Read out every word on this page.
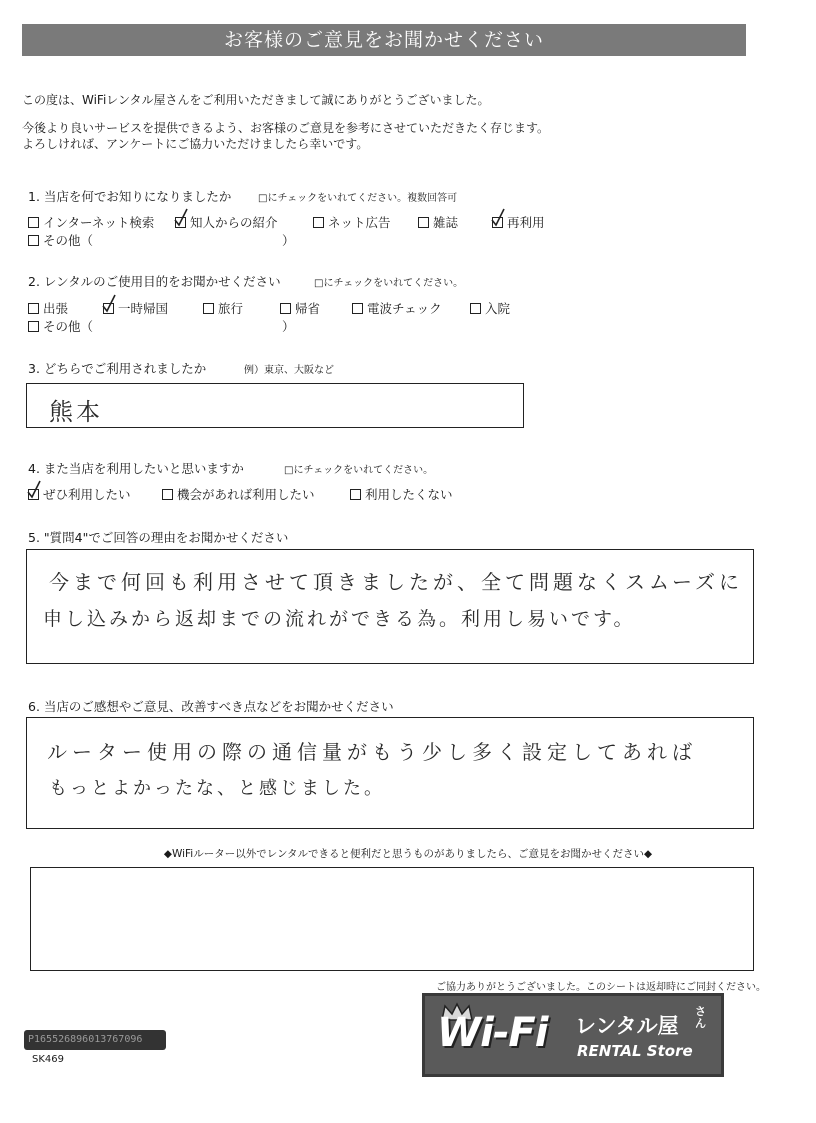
お客様のご意見をお聞かせください
この度は、WiFiレンタル屋さんをご利用いただきまして誠にありがとうございました。
今後より良いサービスを提供できるよう、お客様のご意見を参考にさせていただきたく存じます。
よろしければ、アンケートにご協力いただけましたら幸いです。
1. 当店を何でお知りになりましたか	□にチェックをいれてください。複数回答可
インターネット検索	知人からの紹介	ネット広告	雑誌	再利用
その他（	）
2. レンタルのご使用目的をお聞かせください	□にチェックをいれてください。
出張	一時帰国	旅行	帰省	電波チェック	入院
その他（	）
3. どちらでご利用されましたか	例）東京、大阪など
熊本
4. また当店を利用したいと思いますか	□にチェックをいれてください。
ぜひ利用したい	機会があれば利用したい	利用したくない
5. "質問4"でご回答の理由をお聞かせください
今まで何回も利用させて頂きましたが、全て問題なくスムーズに
申し込みから返却までの流れができる為。利用し易いです。
6. 当店のご感想やご意見、改善すべき点などをお聞かせください
ルーター使用の際の通信量がもう少し多く設定してあれば
もっとよかったな、と感じました。
◆WiFiルーター以外でレンタルできると便利だと思うものがありましたら、ご意見をお聞かせください◆
ご協力ありがとうございました。このシートは返却時にご同封ください。
P1655268960137670​96
SK469
Wi-Fi レンタル屋
さん
RENTAL Store
